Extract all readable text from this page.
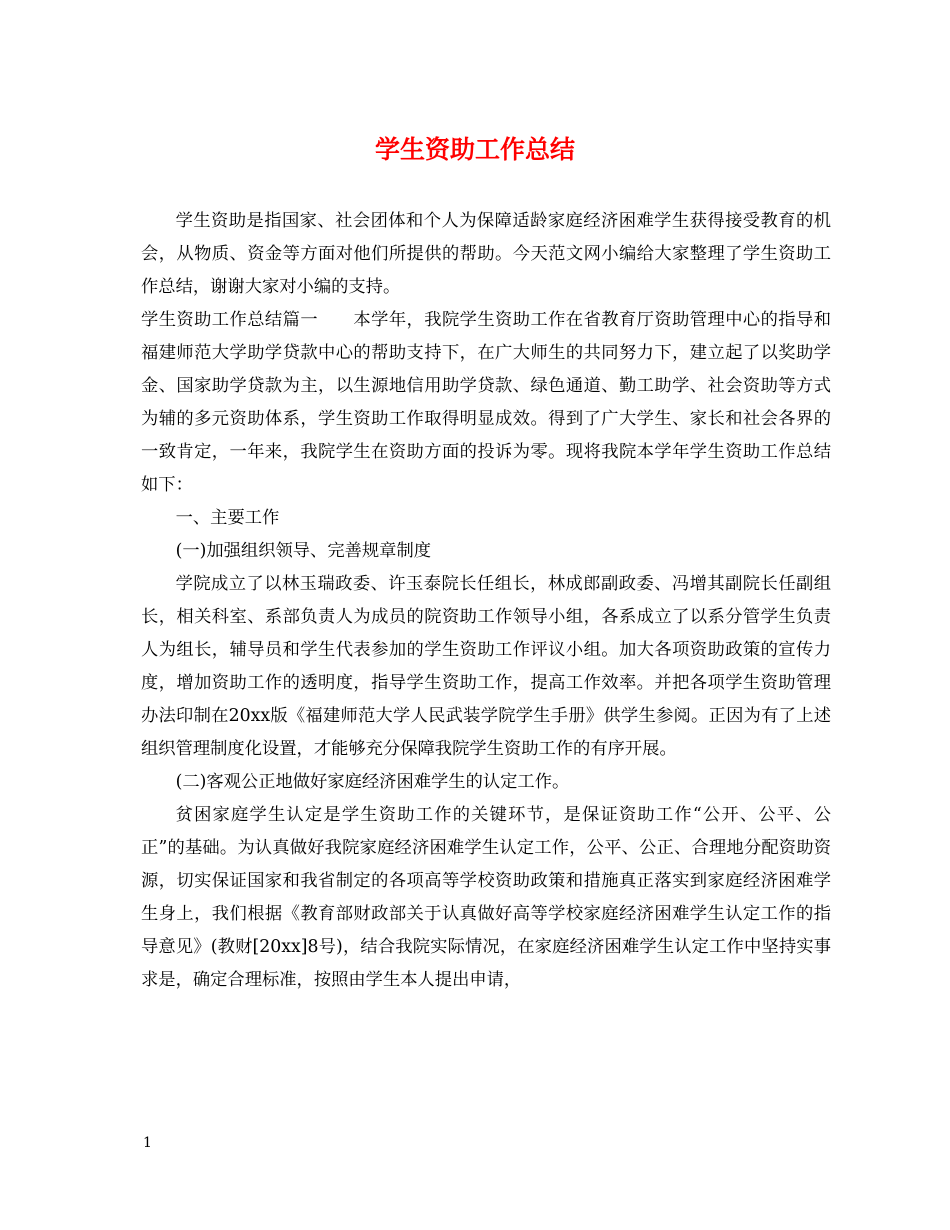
学生资助工作总结

学生资助是指国家、社会团体和个人为保障适龄家庭经济困难学生获得接受教育的机会，从物质、资金等方面对他们所提供的帮助。今天范文网小编给大家整理了学生资助工作总结，谢谢大家对小编的支持。

学生资助工作总结篇一　　本学年，我院学生资助工作在省教育厅资助管理中心的指导和福建师范大学助学贷款中心的帮助支持下，在广大师生的共同努力下，建立起了以奖助学金、国家助学贷款为主，以生源地信用助学贷款、绿色通道、勤工助学、社会资助等方式为辅的多元资助体系，学生资助工作取得明显成效。得到了广大学生、家长和社会各界的一致肯定，一年来，我院学生在资助方面的投诉为零。现将我院本学年学生资助工作总结如下：

一、主要工作

(一)加强组织领导、完善规章制度

学院成立了以林玉瑞政委、许玉泰院长任组长，林成郎副政委、冯增其副院长任副组长，相关科室、系部负责人为成员的院资助工作领导小组，各系成立了以系分管学生负责人为组长，辅导员和学生代表参加的学生资助工作评议小组。加大各项资助政策的宣传力度，增加资助工作的透明度，指导学生资助工作，提高工作效率。并把各项学生资助管理办法印制在20xx版《福建师范大学人民武装学院学生手册》供学生参阅。正因为有了上述组织管理制度化设置，才能够充分保障我院学生资助工作的有序开展。

(二)客观公正地做好家庭经济困难学生的认定工作。

贫困家庭学生认定是学生资助工作的关键环节，是保证资助工作“公开、公平、公正”的基础。为认真做好我院家庭经济困难学生认定工作，公平、公正、合理地分配资助资源，切实保证国家和我省制定的各项高等学校资助政策和措施真正落实到家庭经济困难学生身上，我们根据《教育部财政部关于认真做好高等学校家庭经济困难学生认定工作的指导意见》(教财[20xx]8号)，结合我院实际情况，在家庭经济困难学生认定工作中坚持实事求是，确定合理标准，按照由学生本人提出申请，

1
